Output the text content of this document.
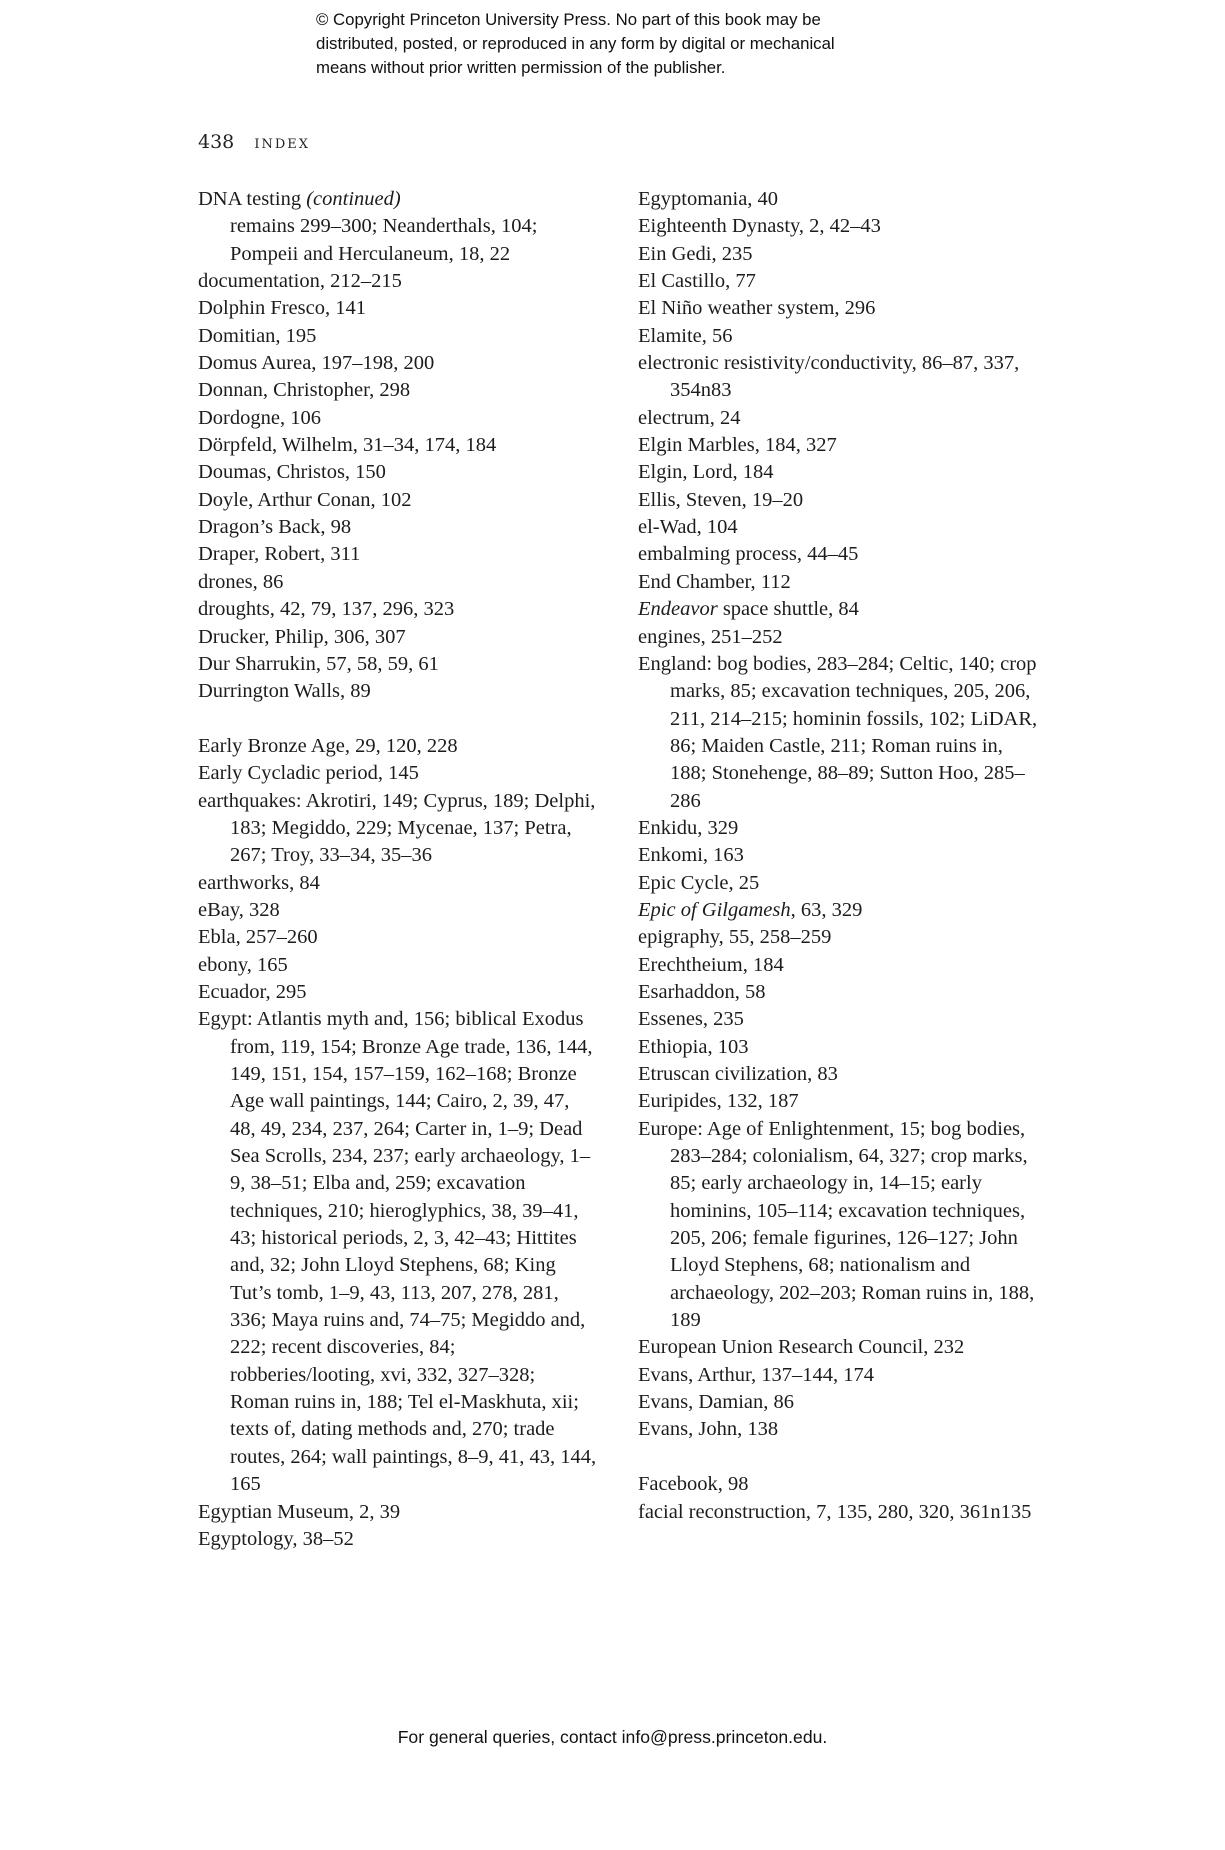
© Copyright Princeton University Press. No part of this book may be
distributed, posted, or reproduced in any form by digital or mechanical
means without prior written permission of the publisher.
438 index
DNA testing (continued)
remains 299–300; Neanderthals, 104; Pompeii and Herculaneum, 18, 22
documentation, 212–215
Dolphin Fresco, 141
Domitian, 195
Domus Aurea, 197–198, 200
Donnan, Christopher, 298
Dordogne, 106
Dörpfeld, Wilhelm, 31–34, 174, 184
Doumas, Christos, 150
Doyle, Arthur Conan, 102
Dragon’s Back, 98
Draper, Robert, 311
drones, 86
droughts, 42, 79, 137, 296, 323
Drucker, Philip, 306, 307
Dur Sharrukin, 57, 58, 59, 61
Durrington Walls, 89
Early Bronze Age, 29, 120, 228
Early Cycladic period, 145
earthquakes: Akrotiri, 149; Cyprus, 189; Delphi, 183; Megiddo, 229; Mycenae, 137; Petra, 267; Troy, 33–34, 35–36
earthworks, 84
eBay, 328
Ebla, 257–260
ebony, 165
Ecuador, 295
Egypt: Atlantis myth and, 156; biblical Exodus from, 119, 154; Bronze Age trade, 136, 144, 149, 151, 154, 157–159, 162–168; Bronze Age wall paintings, 144; Cairo, 2, 39, 47, 48, 49, 234, 237, 264; Carter in, 1–9; Dead Sea Scrolls, 234, 237; early archaeology, 1–9, 38–51; Elba and, 259; excavation techniques, 210; hieroglyphics, 38, 39–41, 43; historical periods, 2, 3, 42–43; Hittites and, 32; John Lloyd Stephens, 68; King Tut’s tomb, 1–9, 43, 113, 207, 278, 281, 336; Maya ruins and, 74–75; Megiddo and, 222; recent discoveries, 84; robberies/looting, xvi, 332, 327–328; Roman ruins in, 188; Tel el-Maskhuta, xii; texts of, dating methods and, 270; trade routes, 264; wall paintings, 8–9, 41, 43, 144, 165
Egyptian Museum, 2, 39
Egyptology, 38–52
Egyptomania, 40
Eighteenth Dynasty, 2, 42–43
Ein Gedi, 235
El Castillo, 77
El Niño weather system, 296
Elamite, 56
electronic resistivity/conductivity, 86–87, 337, 354n83
electrum, 24
Elgin Marbles, 184, 327
Elgin, Lord, 184
Ellis, Steven, 19–20
el-Wad, 104
embalming process, 44–45
End Chamber, 112
Endeavor space shuttle, 84
engines, 251–252
England: bog bodies, 283–284; Celtic, 140; crop marks, 85; excavation techniques, 205, 206, 211, 214–215; hominin fossils, 102; LiDAR, 86; Maiden Castle, 211; Roman ruins in, 188; Stonehenge, 88–89; Sutton Hoo, 285–286
Enkidu, 329
Enkomi, 163
Epic Cycle, 25
Epic of Gilgamesh, 63, 329
epigraphy, 55, 258–259
Erechtheium, 184
Esarhaddon, 58
Essenes, 235
Ethiopia, 103
Etruscan civilization, 83
Euripides, 132, 187
Europe: Age of Enlightenment, 15; bog bodies, 283–284; colonialism, 64, 327; crop marks, 85; early archaeology in, 14–15; early hominins, 105–114; excavation techniques, 205, 206; female figurines, 126–127; John Lloyd Stephens, 68; nationalism and archaeology, 202–203; Roman ruins in, 188, 189
European Union Research Council, 232
Evans, Arthur, 137–144, 174
Evans, Damian, 86
Evans, John, 138
Facebook, 98
facial reconstruction, 7, 135, 280, 320, 361n135
For general queries, contact info@press.princeton.edu.
